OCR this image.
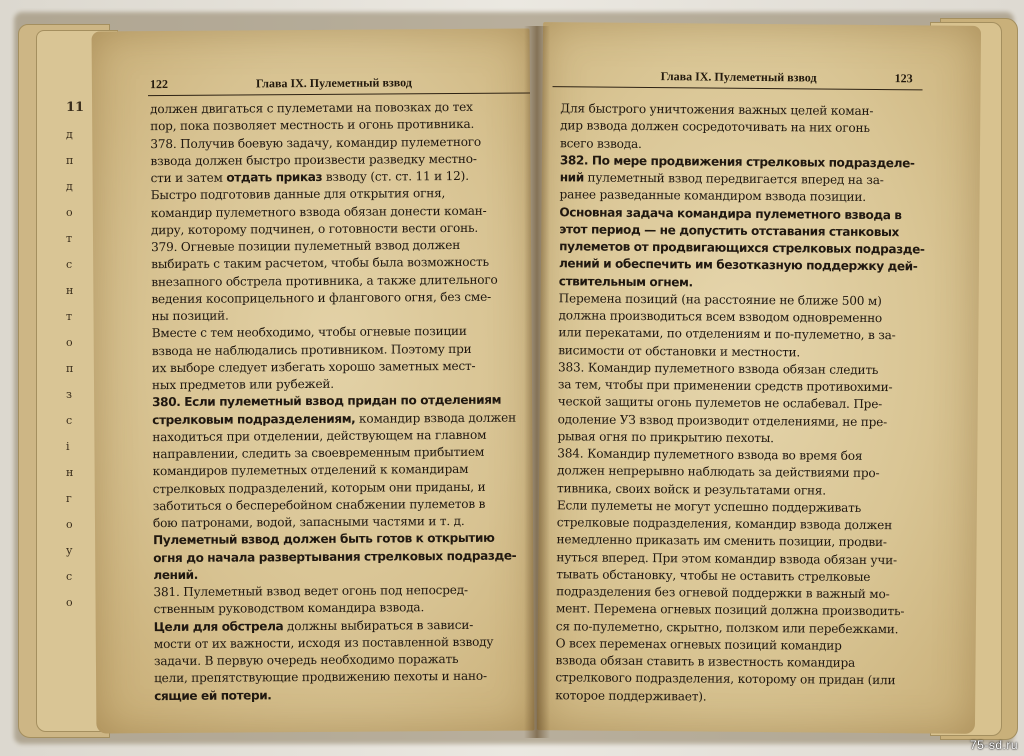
11
д
п
д
о
т
с
н
т
о
п
з
с
і
н
г
о
у
с
о
122	Глава IX. Пулеметный взвод
должен двигаться с пулеметами на повозках до тех
пор, пока позволяет местность и огонь противника.
378. Получив боевую задачу, командир пулеметного
взвода должен быстро произвести разведку местно-
сти и затем отдать приказ взводу (ст. ст. 11 и 12).
Быстро подготовив данные для открытия огня,
командир пулеметного взвода обязан донести коман-
диру, которому подчинен, о готовности вести огонь.
379. Огневые позиции пулеметный взвод должен
выбирать с таким расчетом, чтобы была возможность
внезапного обстрела противника, а также длительного
ведения косоприцельного и флангового огня, без сме-
ны позиций.
Вместе с тем необходимо, чтобы огневые позиции
взвода не наблюдались противником. Поэтому при
их выборе следует избегать хорошо заметных мест-
ных предметов или рубежей.
380. Если пулеметный взвод придан по отделениям
стрелковым подразделениям, командир взвода должен
находиться при отделении, действующем на главном
направлении, следить за своевременным прибытием
командиров пулеметных отделений к командирам
стрелковых подразделений, которым они приданы, и
заботиться о бесперебойном снабжении пулеметов в
бою патронами, водой, запасными частями и т. д.
Пулеметный взвод должен быть готов к открытию
огня до начала развертывания стрелковых подразде-
лений.
381. Пулеметный взвод ведет огонь под непосред-
ственным руководством командира взвода.
Цели для обстрела должны выбираться в зависи-
мости от их важности, исходя из поставленной взводу
задачи. В первую очередь необходимо поражать
цели, препятствующие продвижению пехоты и нано-
сящие ей потери.
Глава IX. Пулеметный взвод	123
Для быстрого уничтожения важных целей коман-
дир взвода должен сосредоточивать на них огонь
всего взвода.
382. По мере продвижения стрелковых подразделе-
ний пулеметный взвод передвигается вперед на за-
ранее разведанные командиром взвода позиции.
Основная задача командира пулеметного взвода в
этот период — не допустить отставания станковых
пулеметов от продвигающихся стрелковых подразде-
лений и обеспечить им безотказную поддержку дей-
ствительным огнем.
Перемена позиций (на расстояние не ближе 500 м)
должна производиться всем взводом одновременно
или перекатами, по отделениям и по-пулеметно, в за-
висимости от обстановки и местности.
383. Командир пулеметного взвода обязан следить
за тем, чтобы при применении средств противохими-
ческой защиты огонь пулеметов не ослабевал. Пре-
одоление УЗ взвод производит отделениями, не пре-
рывая огня по прикрытию пехоты.
384. Командир пулеметного взвода во время боя
должен непрерывно наблюдать за действиями про-
тивника, своих войск и результатами огня.
Если пулеметы не могут успешно поддерживать
стрелковые подразделения, командир взвода должен
немедленно приказать им сменить позиции, продви-
нуться вперед. При этом командир взвода обязан учи-
тывать обстановку, чтобы не оставить стрелковые
подразделения без огневой поддержки в важный мо-
мент. Перемена огневых позиций должна производить-
ся по-пулеметно, скрытно, ползком или перебежками.
О всех переменах огневых позиций командир
взвода обязан ставить в известность командира
стрелкового подразделения, которому он придан (или
которое поддерживает).
75-sd.ru
